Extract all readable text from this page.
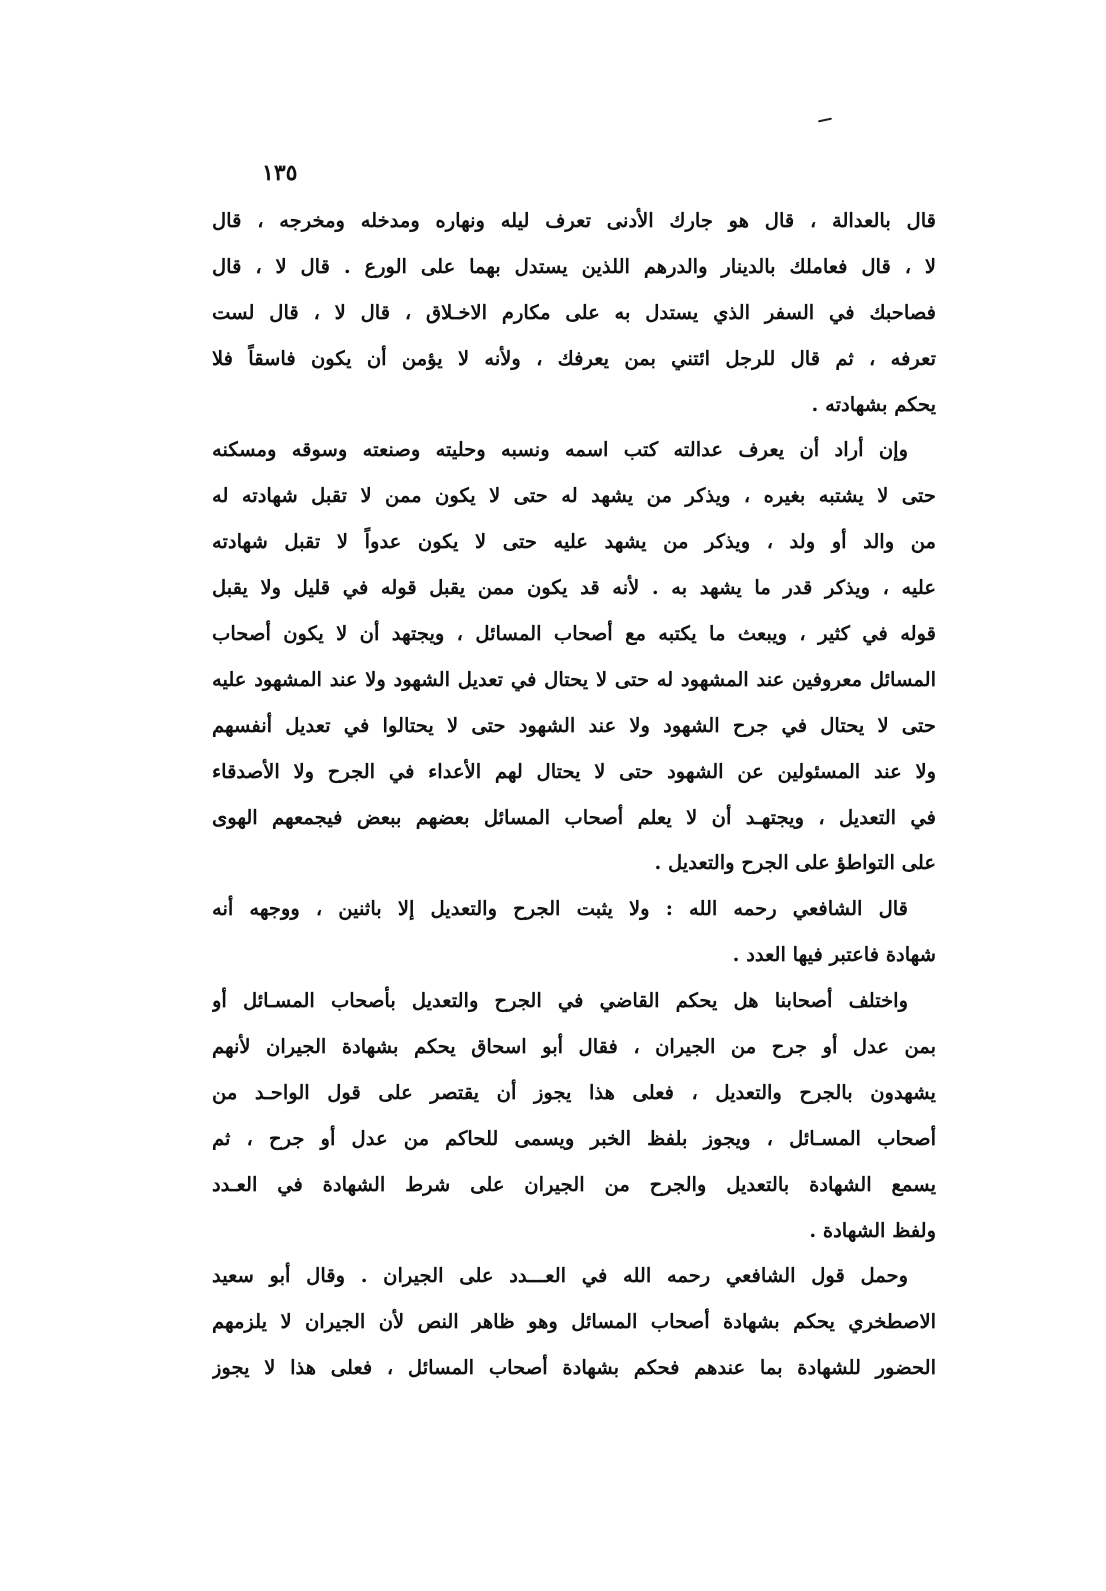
١٣٥
قال بالعدالة ، قال هو جارك الأدنى تعرف ليله ونهاره ومدخله ومخرجه ، قال
لا ، قال فعاملك بالدينار والدرهم اللذين يستدل بهما على الورع . قال لا ، قال
فصاحبك في السفر الذي يستدل به على مكارم الاخـلاق ، قال لا ، قال لست
تعرفه ، ثم قال للرجل ائتني بمن يعرفك ، ولأنه لا يؤمن أن يكون فاسقاً فلا
يحكم بشهادته .
وإن أراد أن يعرف عدالته كتب اسمه ونسبه وحليته وصنعته وسوقه ومسكنه
حتى لا يشتبه بغيره ، ويذكر من يشهد له حتى لا يكون ممن لا تقبل شهادته له
من والد أو ولد ، ويذكر من يشهد عليه حتى لا يكون عدواً لا تقبل شهادته
عليه ، ويذكر قدر ما يشهد به . لأنه قد يكون ممن يقبل قوله في قليل ولا يقبل
قوله في كثير ، ويبعث ما يكتبه مع أصحاب المسائل ، ويجتهد أن لا يكون أصحاب
المسائل معروفين عند المشهود له حتى لا يحتال في تعديل الشهود ولا عند المشهود عليه
حتى لا يحتال في جرح الشهود ولا عند الشهود حتى لا يحتالوا في تعديل أنفسهم
ولا عند المسئولين عن الشهود حتى لا يحتال لهم الأعداء في الجرح ولا الأصدقاء
في التعديل ، ويجتهـد أن لا يعلم أصحاب المسائل بعضهم ببعض فيجمعهم الهوى
على التواطؤ على الجرح والتعديل .
قال الشافعي رحمه الله : ولا يثبت الجرح والتعديل إلا باثنين ، ووجهه أنه
شهادة فاعتبر فيها العدد .
واختلف أصحابنا هل يحكم القاضي في الجرح والتعديل بأصحاب المسـائل أو
بمن عدل أو جرح من الجيران ، فقال أبو اسحاق يحكم بشهادة الجيران لأنهم
يشهدون بالجرح والتعديل ، فعلى هذا يجوز أن يقتصر على قول الواحـد من
أصحاب المسـائل ، ويجوز بلفظ الخبر ويسمى للحاكم من عدل أو جرح ، ثم
يسمع الشهادة بالتعديل والجرح من الجيران على شرط الشهادة في العـدد
ولفظ الشهادة .
وحمل قول الشافعي رحمه الله في العـــدد على الجيران . وقال أبو سعيد
الاصطخري يحكم بشهادة أصحاب المسائل وهو ظاهر النص لأن الجيران لا يلزمهم
الحضور للشهادة بما عندهم فحكم بشهادة أصحاب المسائل ، فعلى هذا لا يجوز
